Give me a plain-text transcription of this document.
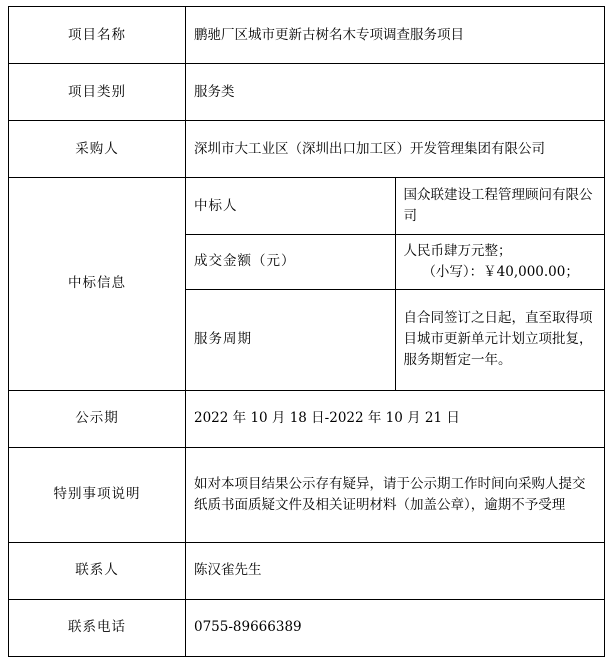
项目名称	鹏驰厂区城市更新古树名木专项调查服务项目	
项目类别	服务类	
采购人	深圳市大工业区（深圳出口加工区）开发管理集团有限公司	
中标信息	中标人	国众联建设工程管理顾问有限公司
	成交金额（元）	人民币肆万元整；
（小写）：￥40,000.00；

	服务周期	自合同签订之日起，直至取得项目城市更新单元计划立项批复，服务期暂定一年。
公示期	2022 年 10 月 18 日-2022 年 10 月 21 日	
特别事项说明	如对本项目结果公示存有疑异，请于公示期工作时间向采购人提交纸质书面质疑文件及相关证明材料（加盖公章），逾期不予受理	
联系人	陈汉雀先生	
联系电话	0755-89666389	
